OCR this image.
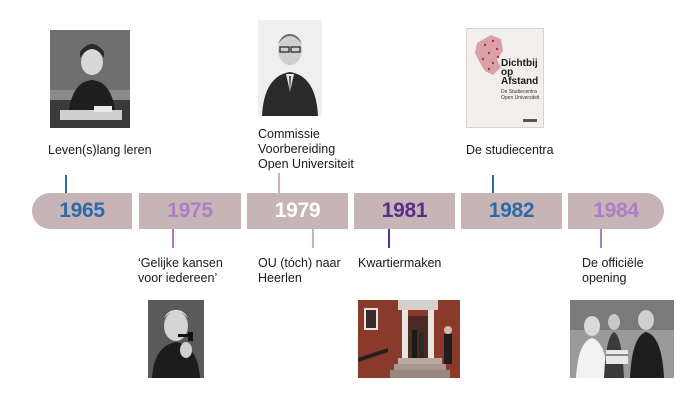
Dichtbij
op
Afstand
De Studiecentra
Open Universiteit
1965	1975	1979	1981	1982	1984
Leven(s)lang leren
Commissie
Voorbereiding
Open Universiteit
De studiecentra
‘Gelijke kansen
voor iedereen’
OU (tóch) naar
Heerlen
Kwartiermaken	De officiële
opening
